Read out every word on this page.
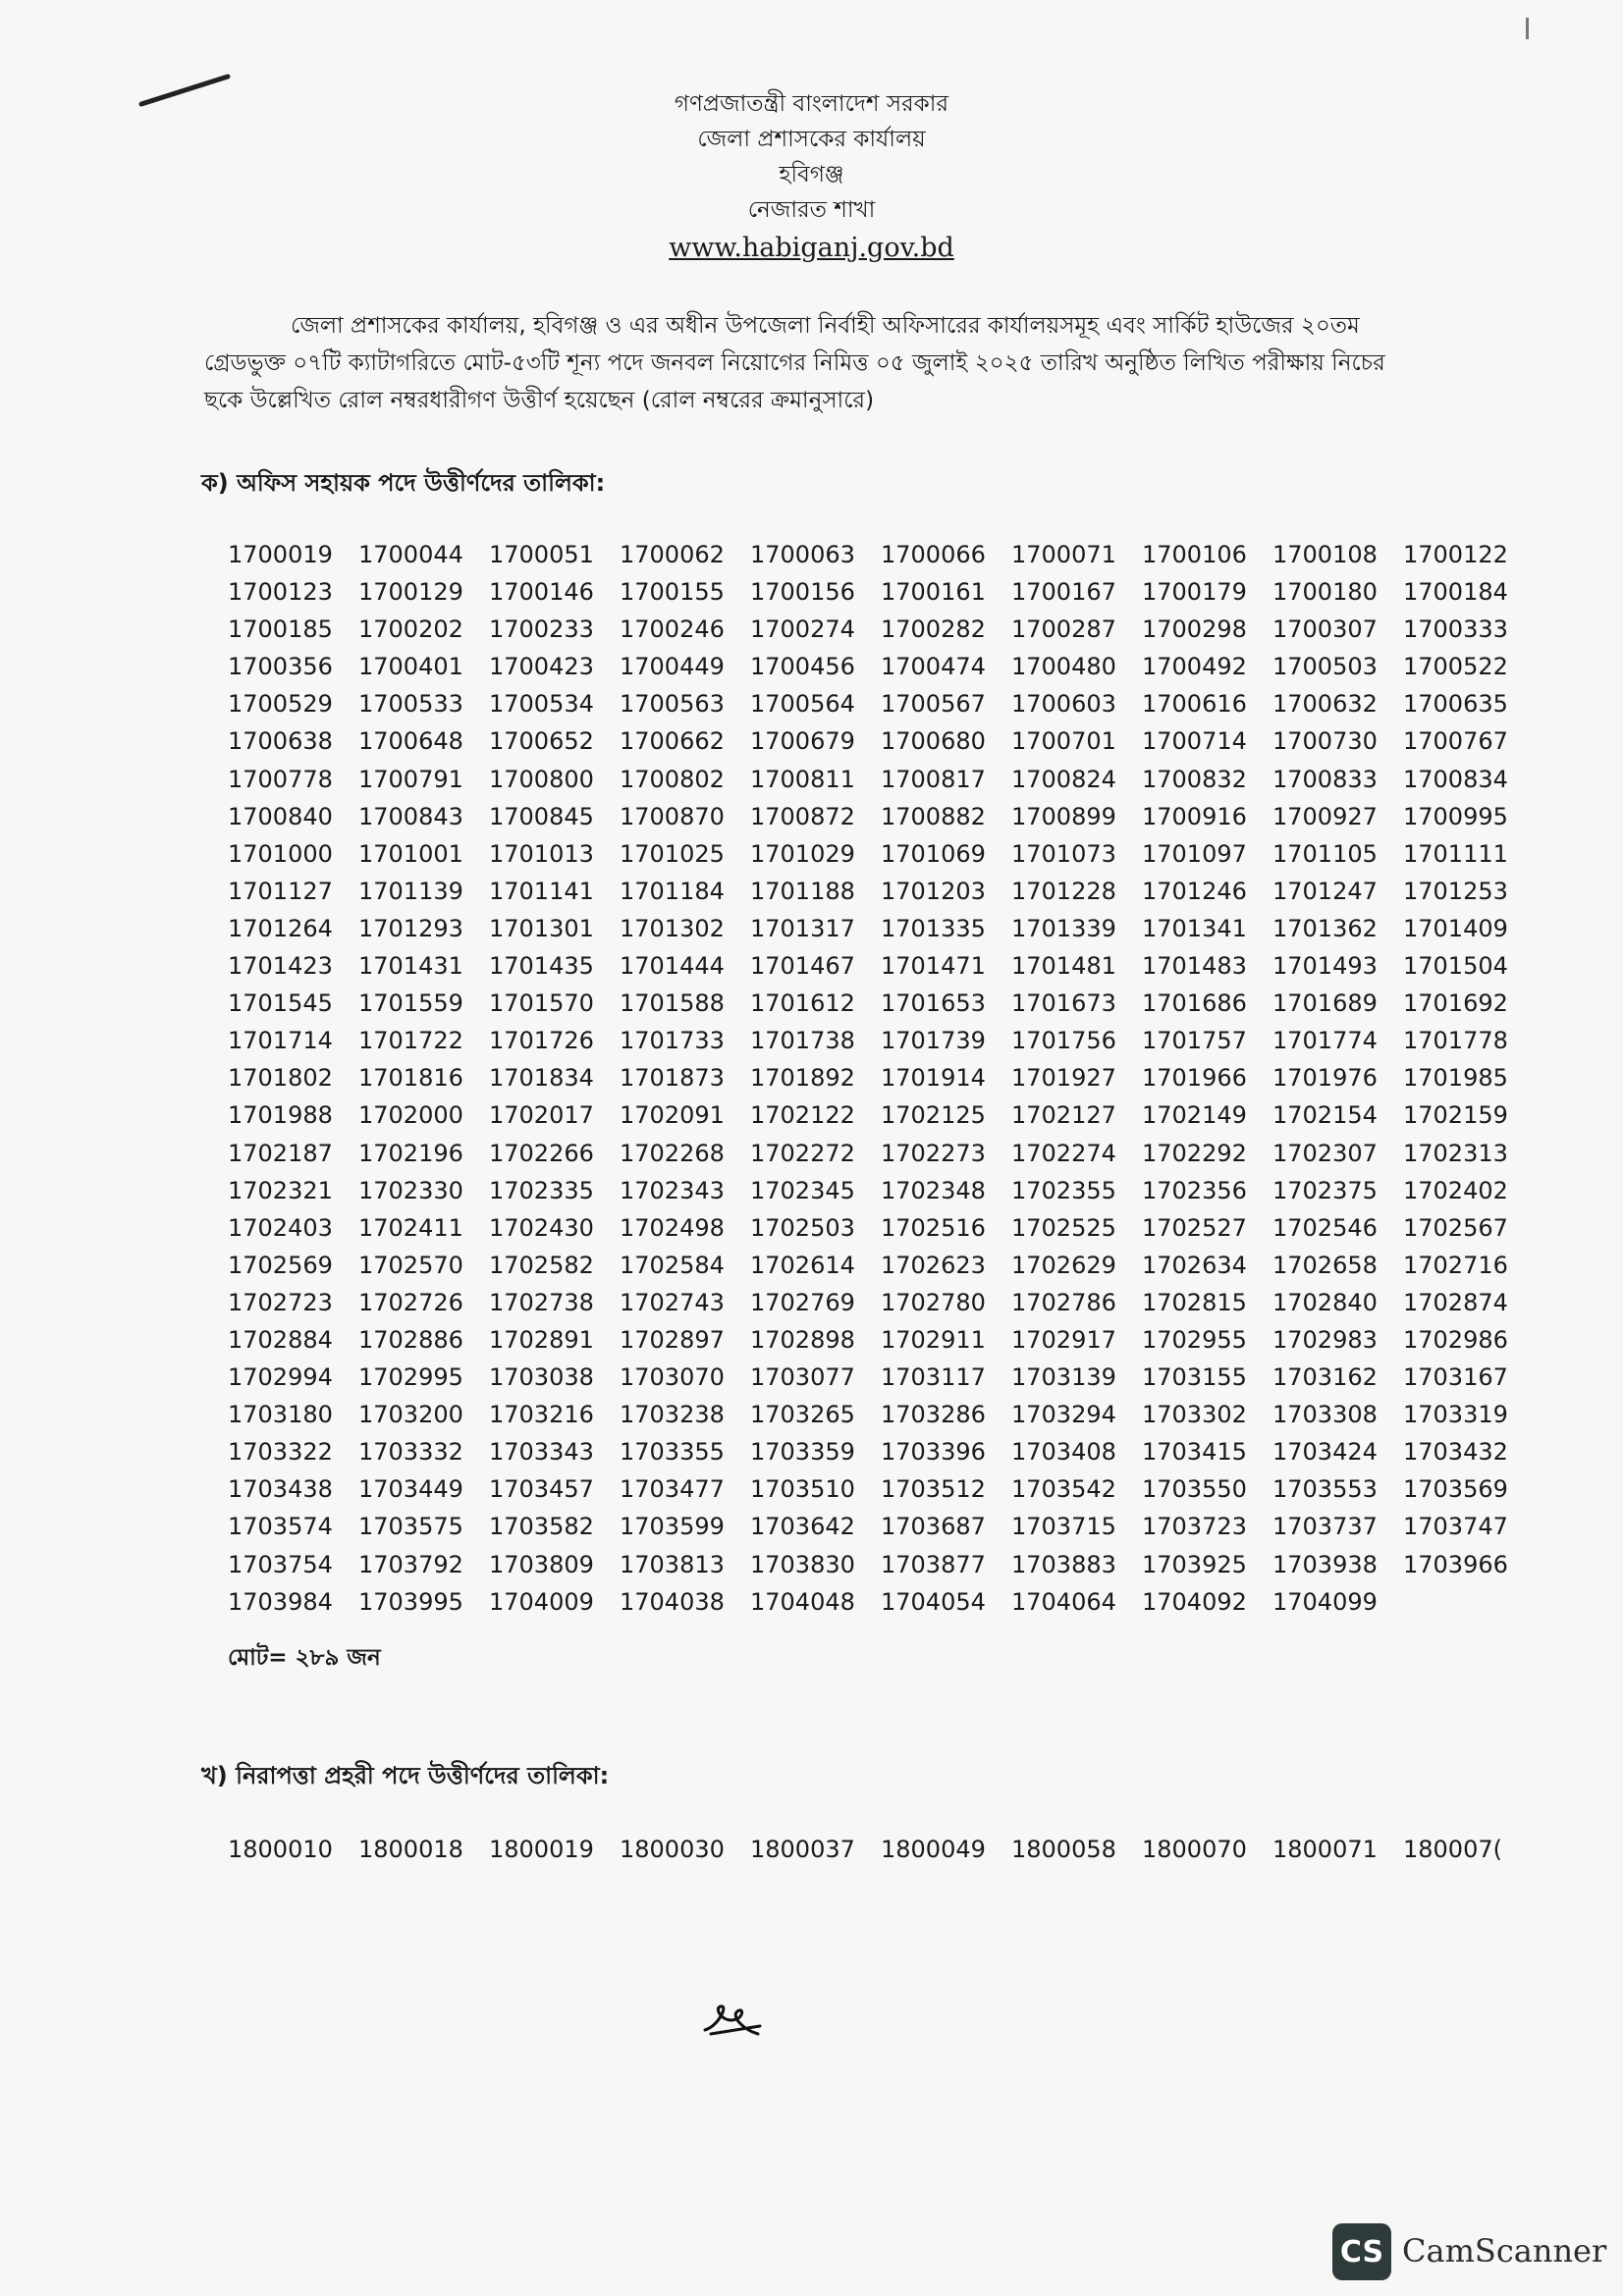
গণপ্রজাতন্ত্রী বাংলাদেশ সরকার
জেলা প্রশাসকের কার্যালয়
হবিগঞ্জ
নেজারত শাখা
www.habiganj.gov.bd
জেলা প্রশাসকের কার্যালয়, হবিগঞ্জ ও এর অধীন উপজেলা নির্বাহী অফিসারের কার্যালয়সমূহ এবং সার্কিট হাউজের ২০তম গ্রেডভুক্ত ০৭টি ক্যাটাগরিতে মোট-৫৩টি শূন্য পদে জনবল নিয়োগের নিমিত্ত ০৫ জুলাই ২০২৫ তারিখ অনুষ্ঠিত লিখিত পরীক্ষায় নিচের ছকে উল্লেখিত রোল নম্বরধারীগণ উত্তীর্ণ হয়েছেন (রোল নম্বরের ক্রমানুসারে)
ক) অফিস সহায়ক পদে উত্তীর্ণদের তালিকা:
1700019	1700044	1700051	1700062	1700063	1700066	1700071	1700106	1700108	1700122
1700123	1700129	1700146	1700155	1700156	1700161	1700167	1700179	1700180	1700184
1700185	1700202	1700233	1700246	1700274	1700282	1700287	1700298	1700307	1700333
1700356	1700401	1700423	1700449	1700456	1700474	1700480	1700492	1700503	1700522
1700529	1700533	1700534	1700563	1700564	1700567	1700603	1700616	1700632	1700635
1700638	1700648	1700652	1700662	1700679	1700680	1700701	1700714	1700730	1700767
1700778	1700791	1700800	1700802	1700811	1700817	1700824	1700832	1700833	1700834
1700840	1700843	1700845	1700870	1700872	1700882	1700899	1700916	1700927	1700995
1701000	1701001	1701013	1701025	1701029	1701069	1701073	1701097	1701105	1701111
1701127	1701139	1701141	1701184	1701188	1701203	1701228	1701246	1701247	1701253
1701264	1701293	1701301	1701302	1701317	1701335	1701339	1701341	1701362	1701409
1701423	1701431	1701435	1701444	1701467	1701471	1701481	1701483	1701493	1701504
1701545	1701559	1701570	1701588	1701612	1701653	1701673	1701686	1701689	1701692
1701714	1701722	1701726	1701733	1701738	1701739	1701756	1701757	1701774	1701778
1701802	1701816	1701834	1701873	1701892	1701914	1701927	1701966	1701976	1701985
1701988	1702000	1702017	1702091	1702122	1702125	1702127	1702149	1702154	1702159
1702187	1702196	1702266	1702268	1702272	1702273	1702274	1702292	1702307	1702313
1702321	1702330	1702335	1702343	1702345	1702348	1702355	1702356	1702375	1702402
1702403	1702411	1702430	1702498	1702503	1702516	1702525	1702527	1702546	1702567
1702569	1702570	1702582	1702584	1702614	1702623	1702629	1702634	1702658	1702716
1702723	1702726	1702738	1702743	1702769	1702780	1702786	1702815	1702840	1702874
1702884	1702886	1702891	1702897	1702898	1702911	1702917	1702955	1702983	1702986
1702994	1702995	1703038	1703070	1703077	1703117	1703139	1703155	1703162	1703167
1703180	1703200	1703216	1703238	1703265	1703286	1703294	1703302	1703308	1703319
1703322	1703332	1703343	1703355	1703359	1703396	1703408	1703415	1703424	1703432
1703438	1703449	1703457	1703477	1703510	1703512	1703542	1703550	1703553	1703569
1703574	1703575	1703582	1703599	1703642	1703687	1703715	1703723	1703737	1703747
1703754	1703792	1703809	1703813	1703830	1703877	1703883	1703925	1703938	1703966
1703984	1703995	1704009	1704038	1704048	1704054	1704064	1704092	1704099
মোট= ২৮৯ জন
খ) নিরাপত্তা প্রহরী পদে উত্তীর্ণদের তালিকা:
1800010	1800018	1800019	1800030	1800037	1800049	1800058	1800070	1800071	180007(
CS CamScanner
